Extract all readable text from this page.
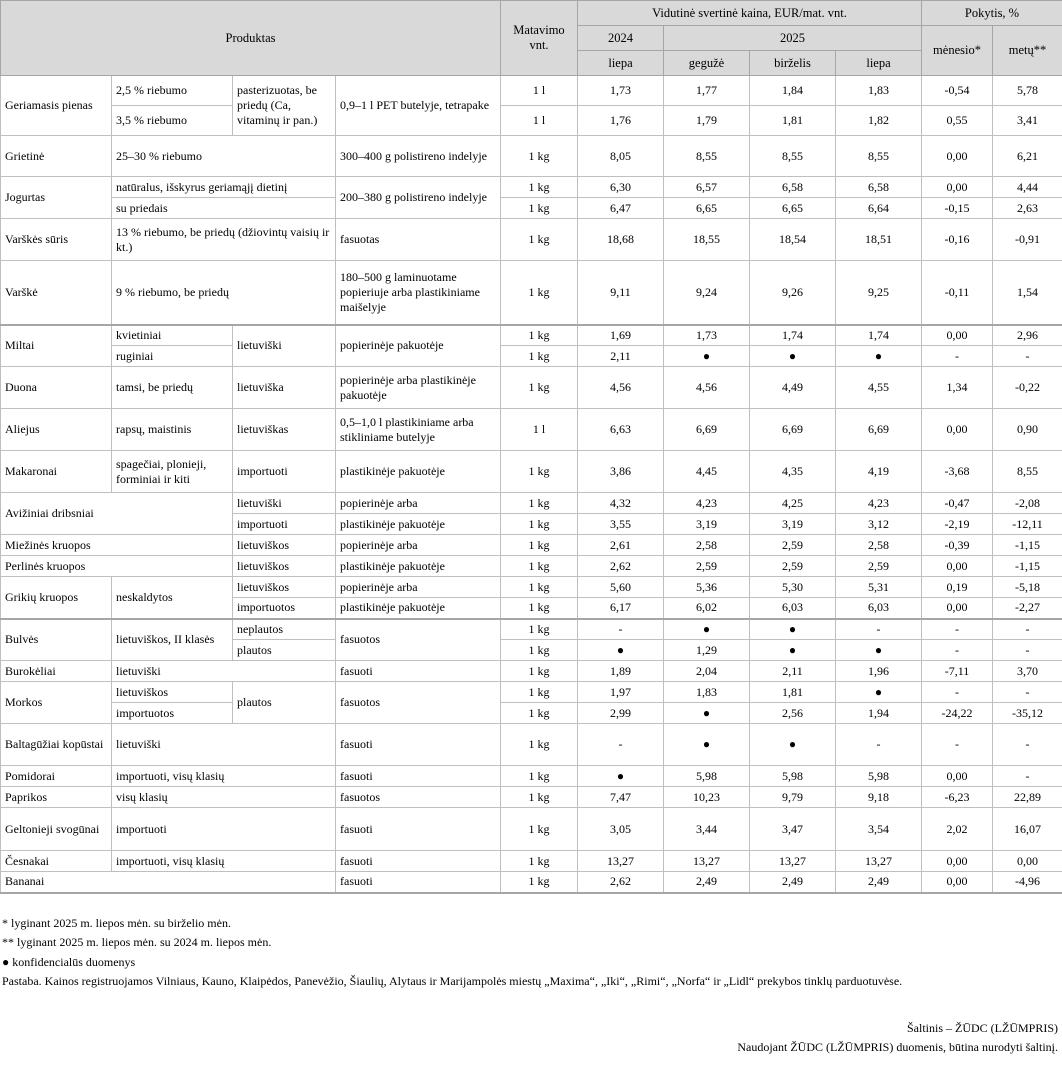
Produktas				Matavimo vnt.	Vidutinė svertinė kaina, EUR/mat. vnt.				Pokytis, %	
					2024	2025			mėnesio*	metų**
					liepa	gegužė	birželis	liepa		
Geriamasis pienas	2,5 % riebumo	pasterizuotas, be priedų (Ca, vitaminų ir pan.)	0,9–1 l PET butelyje, tetrapake	1 l	1,73	1,77	1,84	1,83	-0,54	5,78
	3,5 % riebumo			1 l	1,76	1,79	1,81	1,82	0,55	3,41
Grietinė	25–30 % riebumo		300–400 g polistireno indelyje	1 kg	8,05	8,55	8,55	8,55	0,00	6,21
Jogurtas	natūralus, išskyrus geriamąjį dietinį		200–380 g polistireno indelyje	1 kg	6,30	6,57	6,58	6,58	0,00	4,44
	su priedais			1 kg	6,47	6,65	6,65	6,64	-0,15	2,63
Varškės sūris	13 % riebumo, be priedų (džiovintų vaisių ir kt.)		fasuotas	1 kg	18,68	18,55	18,54	18,51	-0,16	-0,91
Varškė	9 % riebumo, be priedų		180–500 g laminuotame popieriuje arba plastikiniame maišelyje	1 kg	9,11	9,24	9,26	9,25	-0,11	1,54
Miltai	kvietiniai	lietuviški	popierinėje pakuotėje	1 kg	1,69	1,73	1,74	1,74	0,00	2,96
	ruginiai			1 kg	2,11	●	●	●	-	-
Duona	tamsi, be priedų	lietuviška	popierinėje arba plastikinėje pakuotėje	1 kg	4,56	4,56	4,49	4,55	1,34	-0,22
Aliejus	rapsų, maistinis	lietuviškas	0,5–1,0 l plastikiniame arba stikliniame butelyje	1 l	6,63	6,69	6,69	6,69	0,00	0,90
Makaronai	spagečiai, plonieji, forminiai ir kiti	importuoti	plastikinėje pakuotėje	1 kg	3,86	4,45	4,35	4,19	-3,68	8,55
Avižiniai dribsniai		lietuviški	popierinėje arba	1 kg	4,32	4,23	4,25	4,23	-0,47	-2,08
		importuoti	plastikinėje pakuotėje	1 kg	3,55	3,19	3,19	3,12	-2,19	-12,11
Miežinės kruopos		lietuviškos	popierinėje arba	1 kg	2,61	2,58	2,59	2,58	-0,39	-1,15
Perlinės kruopos		lietuviškos	plastikinėje pakuotėje	1 kg	2,62	2,59	2,59	2,59	0,00	-1,15
Grikių kruopos	neskaldytos	lietuviškos	popierinėje arba	1 kg	5,60	5,36	5,30	5,31	0,19	-5,18
		importuotos	plastikinėje pakuotėje	1 kg	6,17	6,02	6,03	6,03	0,00	-2,27
Bulvės	lietuviškos, II klasės	neplautos	fasuotos	1 kg	-	●	●	-	-	-
		plautos		1 kg	●	1,29	●	●	-	-
Burokėliai	lietuviški		fasuoti	1 kg	1,89	2,04	2,11	1,96	-7,11	3,70
Morkos	lietuviškos	plautos	fasuotos	1 kg	1,97	1,83	1,81	●	-	-
	importuotos			1 kg	2,99	●	2,56	1,94	-24,22	-35,12
Baltagūžiai kopūstai	lietuviški		fasuoti	1 kg	-	●	●	-	-	-
Pomidorai	importuoti, visų klasių		fasuoti	1 kg	●	5,98	5,98	5,98	0,00	-
Paprikos	visų klasių		fasuotos	1 kg	7,47	10,23	9,79	9,18	-6,23	22,89
Geltonieji svogūnai	importuoti		fasuoti	1 kg	3,05	3,44	3,47	3,54	2,02	16,07
Česnakai	importuoti, visų klasių		fasuoti	1 kg	13,27	13,27	13,27	13,27	0,00	0,00
Bananai			fasuoti	1 kg	2,62	2,49	2,49	2,49	0,00	-4,96
* lyginant 2025 m. liepos mėn. su birželio mėn.
** lyginant 2025 m. liepos mėn. su 2024 m. liepos mėn.
● konfidencialūs duomenys
Pastaba. Kainos registruojamos Vilniaus, Kauno, Klaipėdos, Panevėžio, Šiaulių, Alytaus ir Marijampolės miestų „Maxima“, „Iki“, „Rimi“, „Norfa“ ir „Lidl“ prekybos tinklų parduotuvėse.
Šaltinis – ŽŪDC (LŽŪMPRIS)
Naudojant ŽŪDC (LŽŪMPRIS) duomenis, būtina nurodyti šaltinį.
